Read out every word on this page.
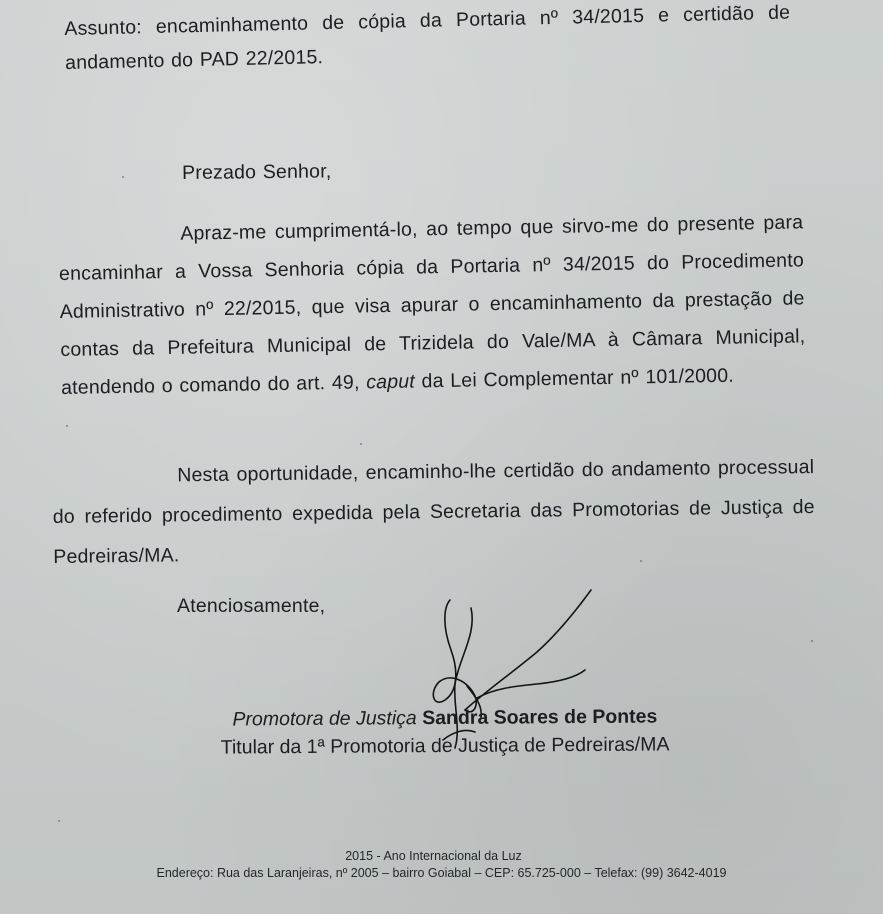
Assunto: encaminhamento de cópia da Portaria nº 34/2015 e certidão de andamento do PAD 22/2015.
Prezado Senhor,
Apraz-me cumprimentá-lo, ao tempo que sirvo-me do presente para encaminhar a Vossa Senhoria cópia da Portaria nº 34/2015 do Procedimento Administrativo nº 22/2015, que visa apurar o encaminhamento da prestação de contas da Prefeitura Municipal de Trizidela do Vale/MA à Câmara Municipal, atendendo o comando do art. 49, caput da Lei Complementar nº 101/2000.
Nesta oportunidade, encaminho-lhe certidão do andamento processual do referido procedimento expedida pela Secretaria das Promotorias de Justiça de Pedreiras/MA.
Atenciosamente,
Promotora de Justiça Sandra Soares de Pontes
Titular da 1ª Promotoria de Justiça de Pedreiras/MA
2015 - Ano Internacional da Luz
Endereço: Rua das Laranjeiras, nº 2005 – bairro Goiabal – CEP: 65.725-000 – Telefax: (99) 3642-4019
